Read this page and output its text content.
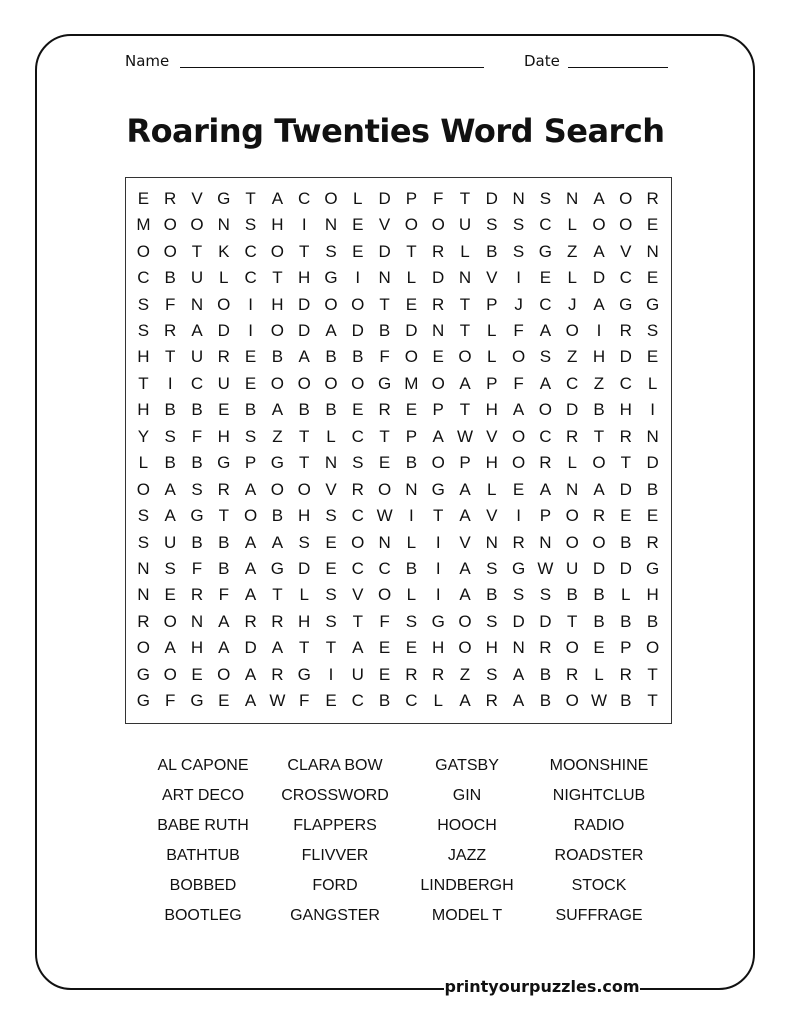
Name	Date
Roaring Twenties Word Search
E R V G T A C O L D P F T D N S N A O R
M O O N S H	I	N E V O O U S S C L O O E
O O T K C O T S E D T R L B S G Z A V N
C B U L C T H G	I	N L D N V	I	E L D C E
S F N O	I	H D O O T E R T P J C J A G G
S R A D	I	O D A D B D N T L F A O	I	R S
H T U R E B A B B F O E O L O S Z H D E
T	I	C U E O O O O G M O A P F A C Z C L
H B B E B A B B E R E P T H A O D B H	I
Y S F H S Z T L C T P A W V O C R T R N
L B B G P G T N S E B O P H O R L O T D
O A S R A O O V R O N G A L E A N A D B
S A G T O B H S C W I	T A V	I	P O R E E
S U B B A A S E O N L	I	V N R N O O B R
N S F B A G D E C C B	I	A S G W U D D G
N E R F A T L S V O L	I	A B S S B B L H
R O N A R R H S T F S G O S D D T B B B
O A H A D A T T A E E H O H N R O E P O
G O E O A R G	I	U E R R Z S A B R L R T
G F G E A W F E C B C L A R A B O W B T
AL CAPONE	CLARA BOW	GATSBY	MOONSHINE
ART DECO	CROSSWORD	GIN	NIGHTCLUB
BABE RUTH	FLAPPERS	HOOCH	RADIO
BATHTUB	FLIVVER	JAZZ	ROADSTER
BOBBED	FORD	LINDBERGH	STOCK
BOOTLEG	GANGSTER	MODEL T	SUFFRAGE
printyourpuzzles.com
